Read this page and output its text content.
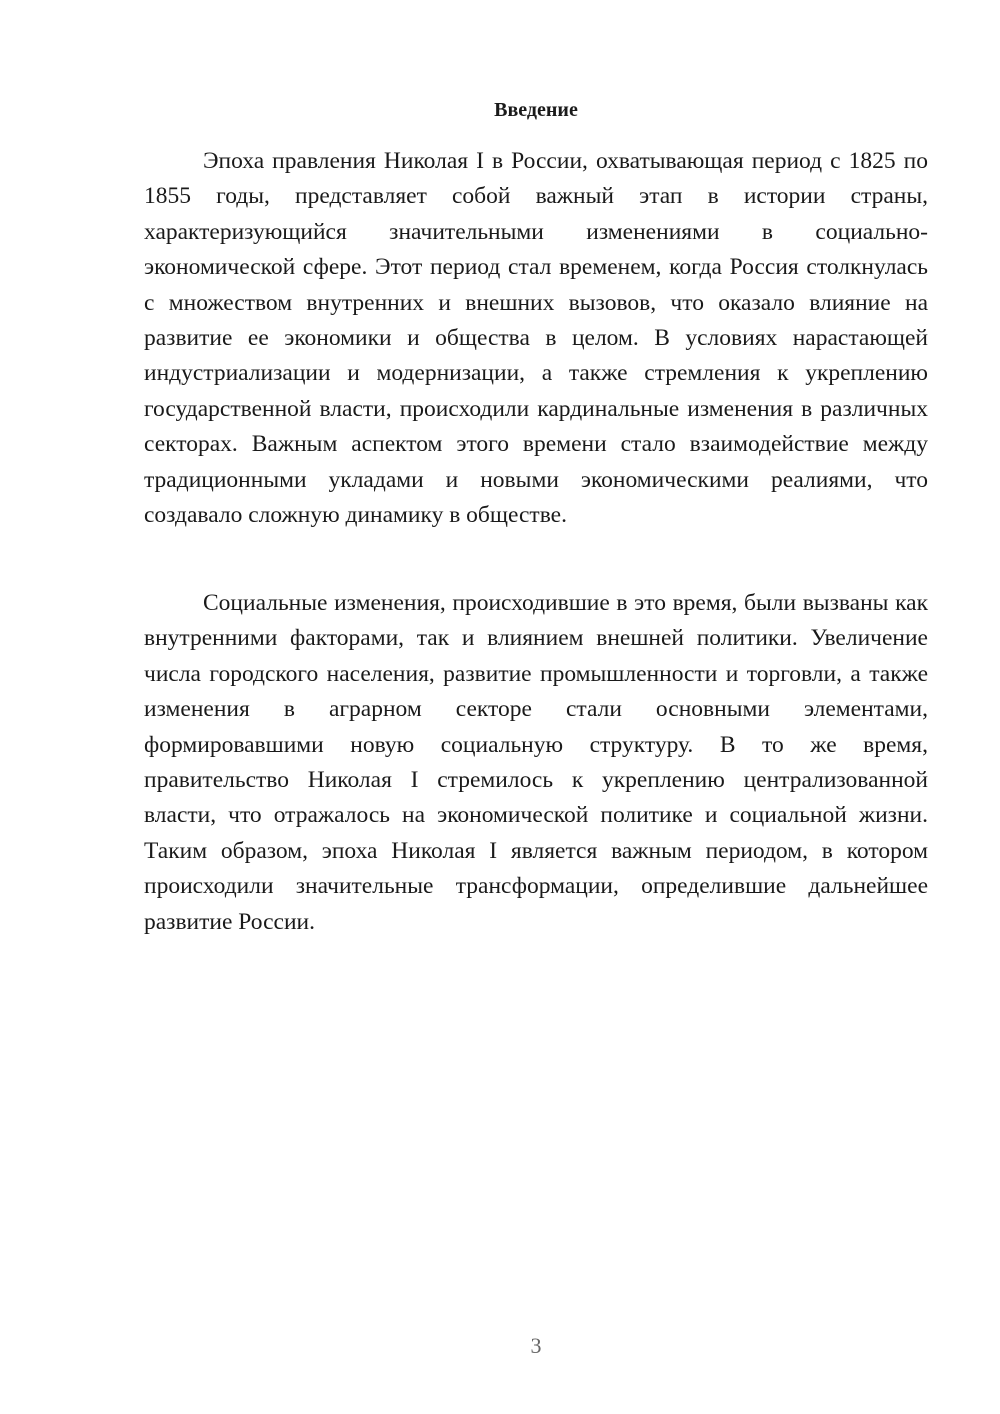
Введение

Эпоха правления Николая I в России, охватывающая период с 1825 по 1855 годы, представляет собой важный этап в истории страны, характеризующийся значительными изменениями в социально-экономической сфере. Этот период стал временем, когда Россия столкнулась с множеством внутренних и внешних вызовов, что оказало влияние на развитие ее экономики и общества в целом. В условиях нарастающей индустриализации и модернизации, а также стремления к укреплению государственной власти, происходили кардинальные изменения в различных секторах. Важным аспектом этого времени стало взаимодействие между традиционными укладами и новыми экономическими реалиями, что создавало сложную динамику в обществе.

Социальные изменения, происходившие в это время, были вызваны как внутренними факторами, так и влиянием внешней политики. Увеличение числа городского населения, развитие промышленности и торговли, а также изменения в аграрном секторе стали основными элементами, формировавшими новую социальную структуру. В то же время, правительство Николая I стремилось к укреплению централизованной власти, что отражалось на экономической политике и социальной жизни. Таким образом, эпоха Николая I является важным периодом, в котором происходили значительные трансформации, определившие дальнейшее развитие России.

3
